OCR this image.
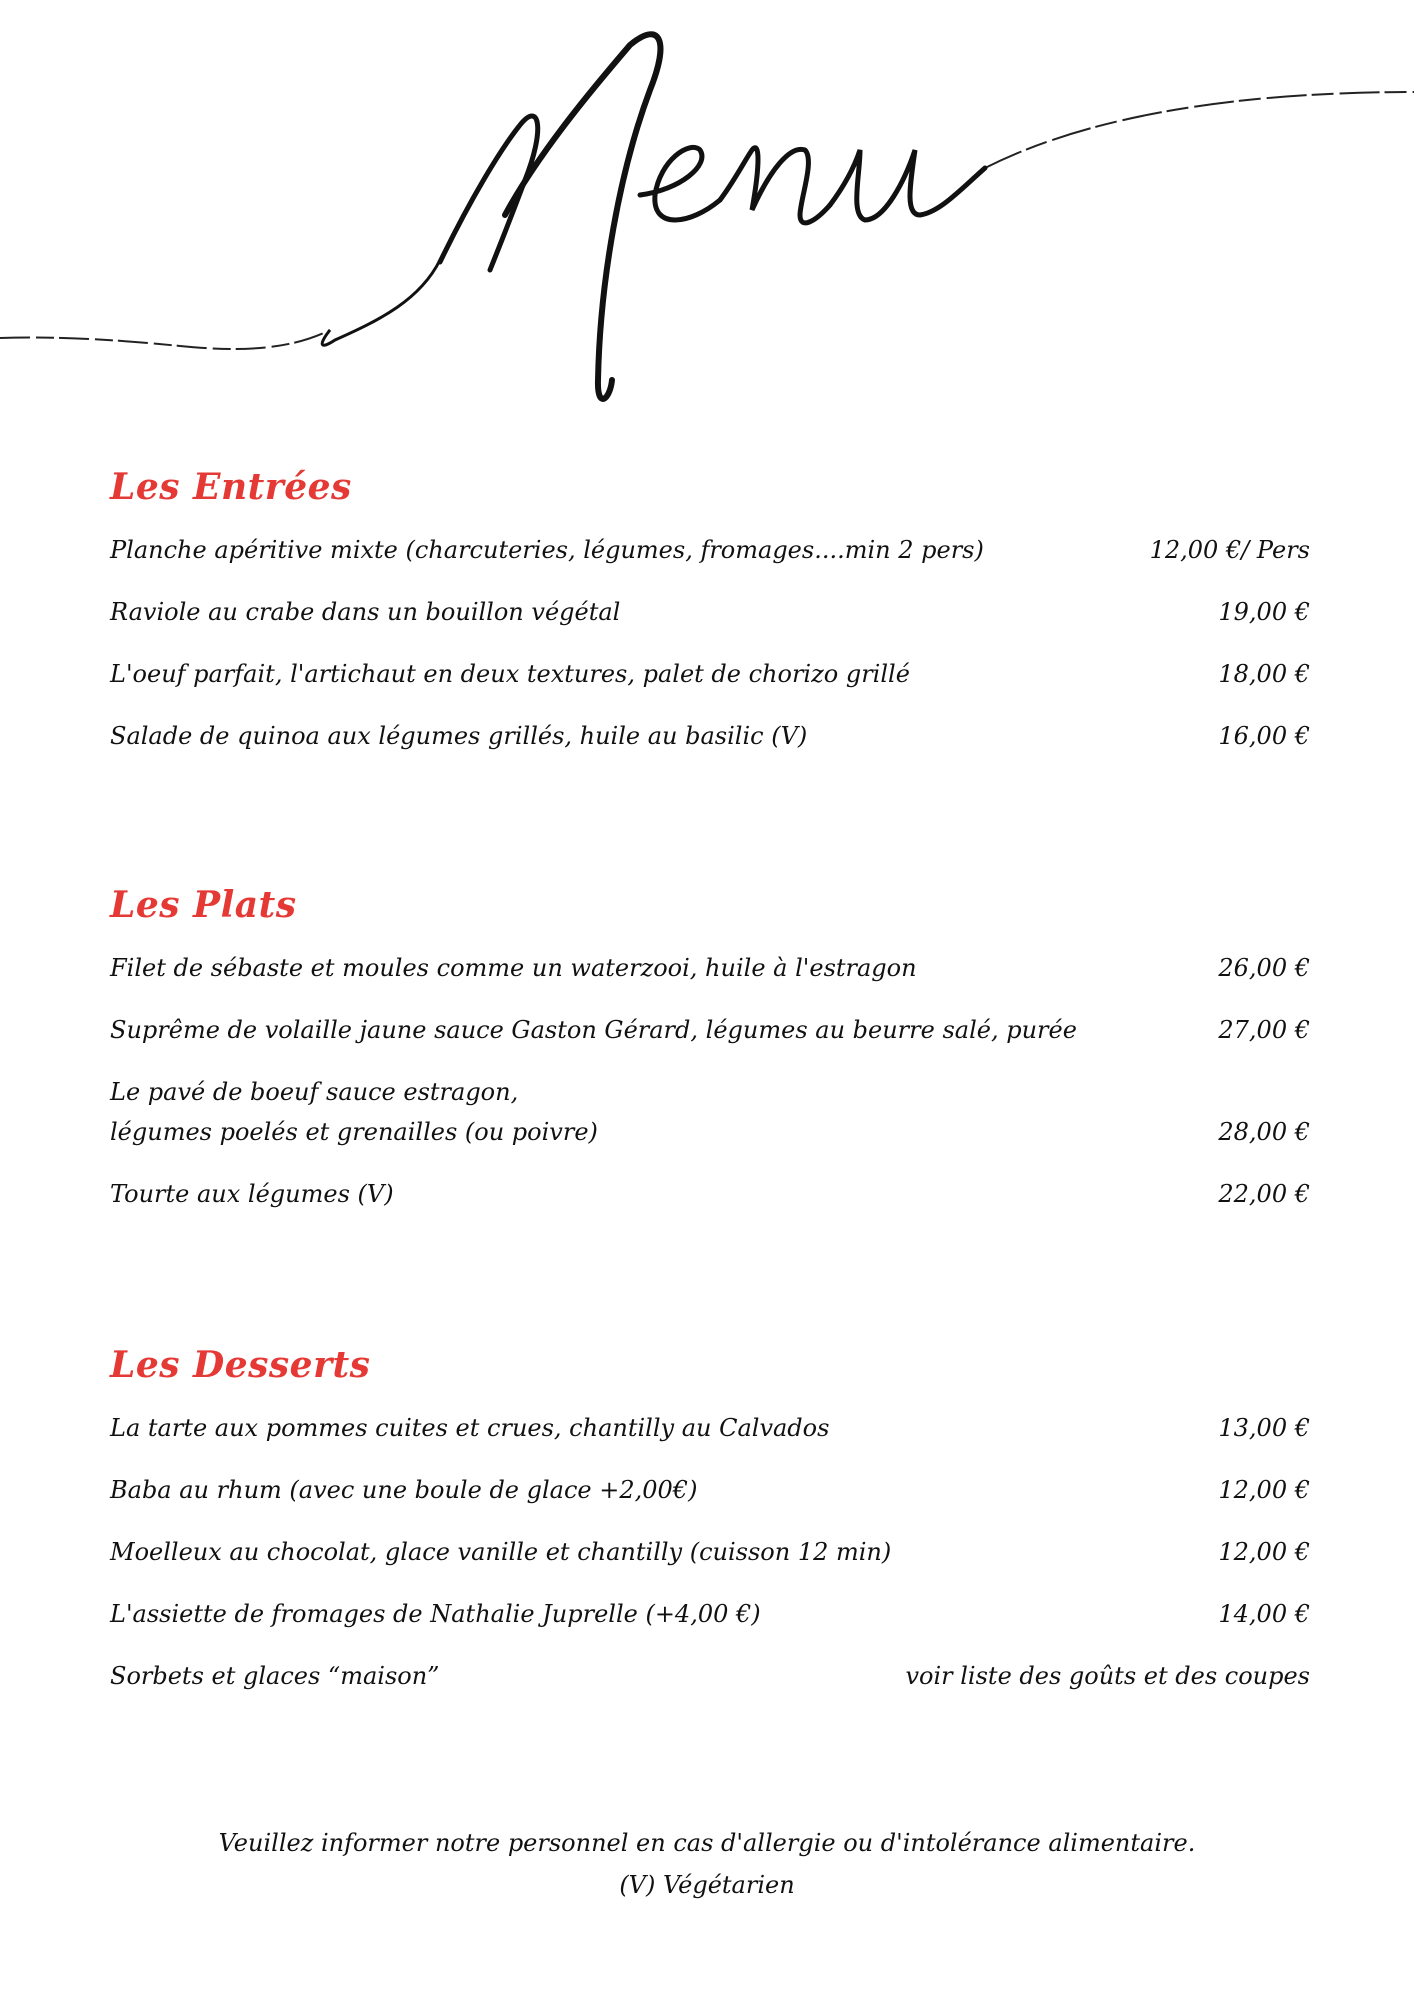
Les Entrées
Planche apéritive mixte (charcuteries, légumes, fromages....min 2 pers)	12,00 €/ Pers
Raviole au crabe dans un bouillon végétal	19,00 €
L'oeuf parfait, l'artichaut en deux textures, palet de chorizo grillé	18,00 €
Salade de quinoa aux légumes grillés, huile au basilic (V)	16,00 €
Les Plats
Filet de sébaste et moules comme un waterzooi, huile à l'estragon	26,00 €
Suprême de volaille jaune sauce Gaston Gérard, légumes au beurre salé, purée	27,00 €
Le pavé de boeuf sauce estragon,
légumes poelés et grenailles (ou poivre)	28,00 €
Tourte aux légumes (V)	22,00 €
Les Desserts
La tarte aux pommes cuites et crues, chantilly au Calvados	13,00 €
Baba au rhum (avec une boule de glace +2,00€)	12,00 €
Moelleux au chocolat, glace vanille et chantilly (cuisson 12 min)	12,00 €
L'assiette de fromages de Nathalie Juprelle (+4,00 €)	14,00 €
Sorbets et glaces “maison”	voir liste des goûts et des coupes
Veuillez informer notre personnel en cas d'allergie ou d'intolérance alimentaire.
(V) Végétarien
